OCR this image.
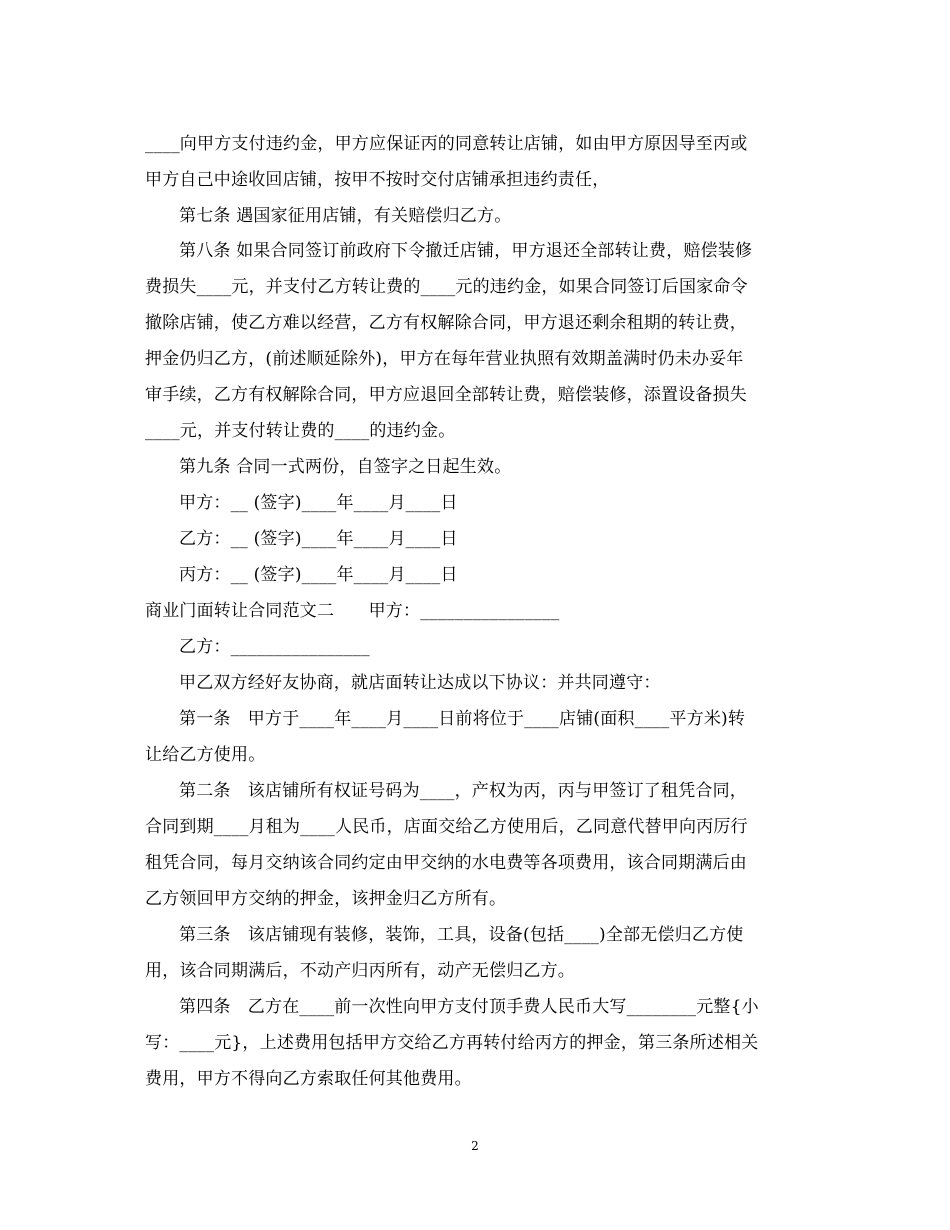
____向甲方支付违约金，甲方应保证丙的同意转让店铺，如由甲方原因导至丙或
甲方自己中途收回店铺，按甲不按时交付店铺承担违约责任，
第七条 遇国家征用店铺，有关赔偿归乙方。
第八条 如果合同签订前政府下令撤迁店铺，甲方退还全部转让费，赔偿装修
费损失____元，并支付乙方转让费的____元的违约金，如果合同签订后国家命令
撤除店铺，使乙方难以经营，乙方有权解除合同，甲方退还剩余租期的转让费，
押金仍归乙方，(前述顺延除外)，甲方在每年营业执照有效期盖满时仍未办妥年
审手续，乙方有权解除合同，甲方应退回全部转让费，赔偿装修，添置设备损失
____元，并支付转让费的____的违约金。
第九条 合同一式两份，自签字之日起生效。
甲方：__ (签字)____年____月____日
乙方：__ (签字)____年____月____日
丙方：__ (签字)____年____月____日
商业门面转让合同范文二　　甲方：________________
乙方：________________
甲乙双方经好友协商，就店面转让达成以下协议：并共同遵守：
第一条　甲方于____年____月____日前将位于____店铺(面积____平方米)转
让给乙方使用。
第二条　该店铺所有权证号码为____，产权为丙，丙与甲签订了租凭合同，
合同到期____月租为____人民币，店面交给乙方使用后，乙同意代替甲向丙厉行
租凭合同，每月交纳该合同约定由甲交纳的水电费等各项费用，该合同期满后由
乙方领回甲方交纳的押金，该押金归乙方所有。
第三条　该店铺现有装修，装饰，工具，设备(包括____)全部无偿归乙方使
用，该合同期满后，不动产归丙所有，动产无偿归乙方。
第四条　乙方在____前一次性向甲方支付顶手费人民币大写________元整{小
写：____元}，上述费用包括甲方交给乙方再转付给丙方的押金，第三条所述相关
费用，甲方不得向乙方索取任何其他费用。
2
